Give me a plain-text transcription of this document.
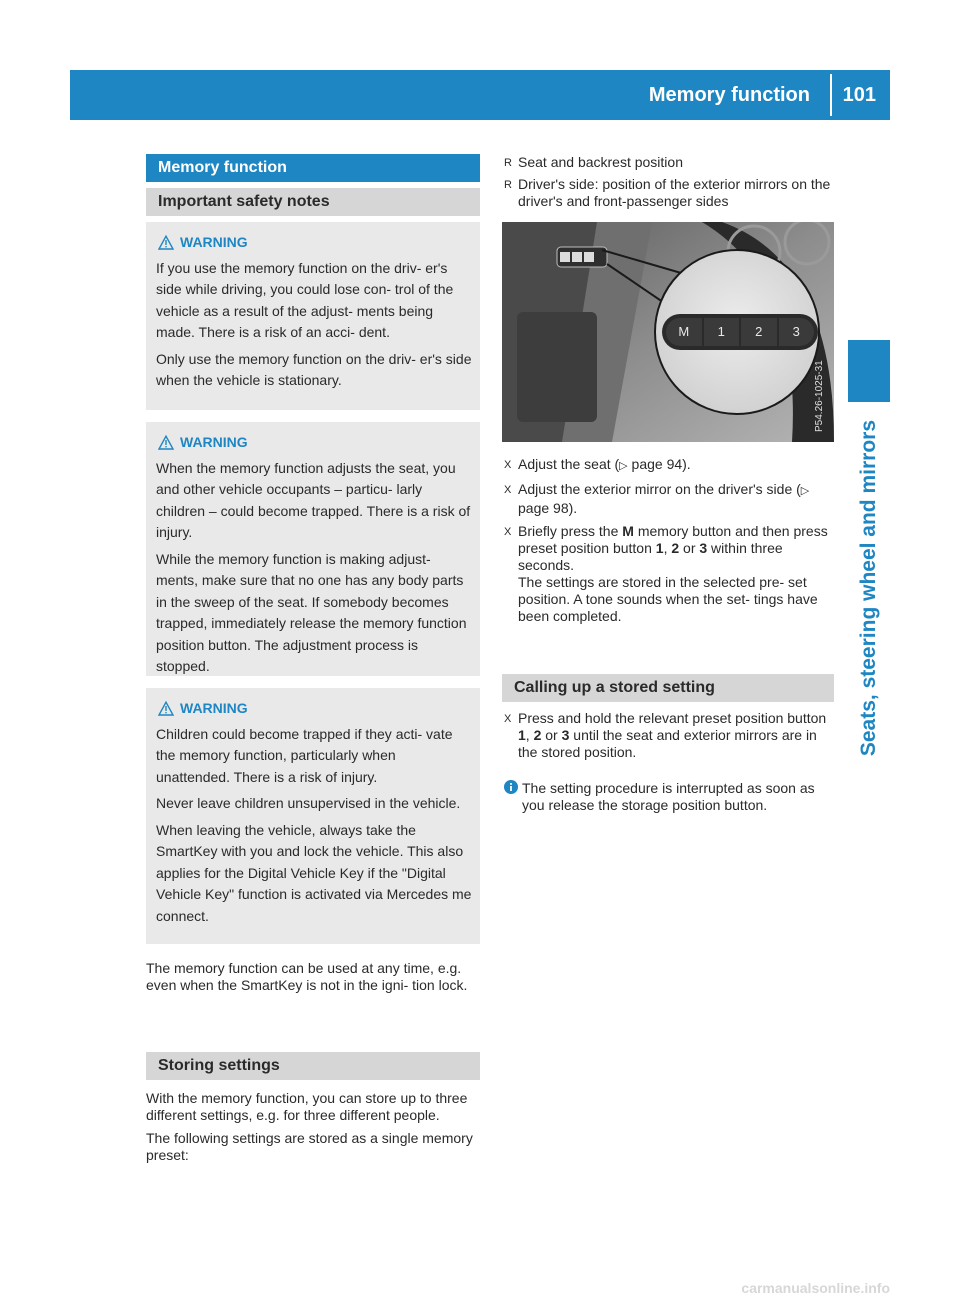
Memory function 101
Seats, steering wheel and mirrors
Memory function
Important safety notes
WARNING

If you use the memory function on the driv- er's side while driving, you could lose con- trol of the vehicle as a result of the adjust- ments being made. There is a risk of an acci- dent.

Only use the memory function on the driv- er's side when the vehicle is stationary.

WARNING

When the memory function adjusts the seat, you and other vehicle occupants – particu- larly children – could become trapped. There is a risk of injury.

While the memory function is making adjust- ments, make sure that no one has any body parts in the sweep of the seat. If somebody becomes trapped, immediately release the memory function position button. The adjustment process is stopped.

WARNING

Children could become trapped if they acti- vate the memory function, particularly when unattended. There is a risk of injury.

Never leave children unsupervised in the vehicle.

When leaving the vehicle, always take the SmartKey with you and lock the vehicle. This also applies for the Digital Vehicle Key if the "Digital Vehicle Key" function is activated via Mercedes me connect.

The memory function can be used at any time, e.g. even when the SmartKey is not in the igni- tion lock.

Storing settings

With the memory function, you can store up to three different settings, e.g. for three different people.

The following settings are stored as a single memory preset:

R Seat and backrest position
R Driver's side: position of the exterior mirrors on the driver's and front-passenger sides
M	1	2	3
P54.26-1025-31
X Adjust the seat (▷ page 94).
X Adjust the exterior mirror on the driver's side (▷ page 98).
X Briefly press the M memory button and then press preset position button 1, 2 or 3 within three seconds.
The settings are stored in the selected pre- set position. A tone sounds when the set- tings have been completed.
Calling up a stored setting
X Press and hold the relevant preset position button 1, 2 or 3 until the seat and exterior mirrors are in the stored position.
The setting procedure is interrupted as soon as you release the storage position button.
carmanualsonline.info
